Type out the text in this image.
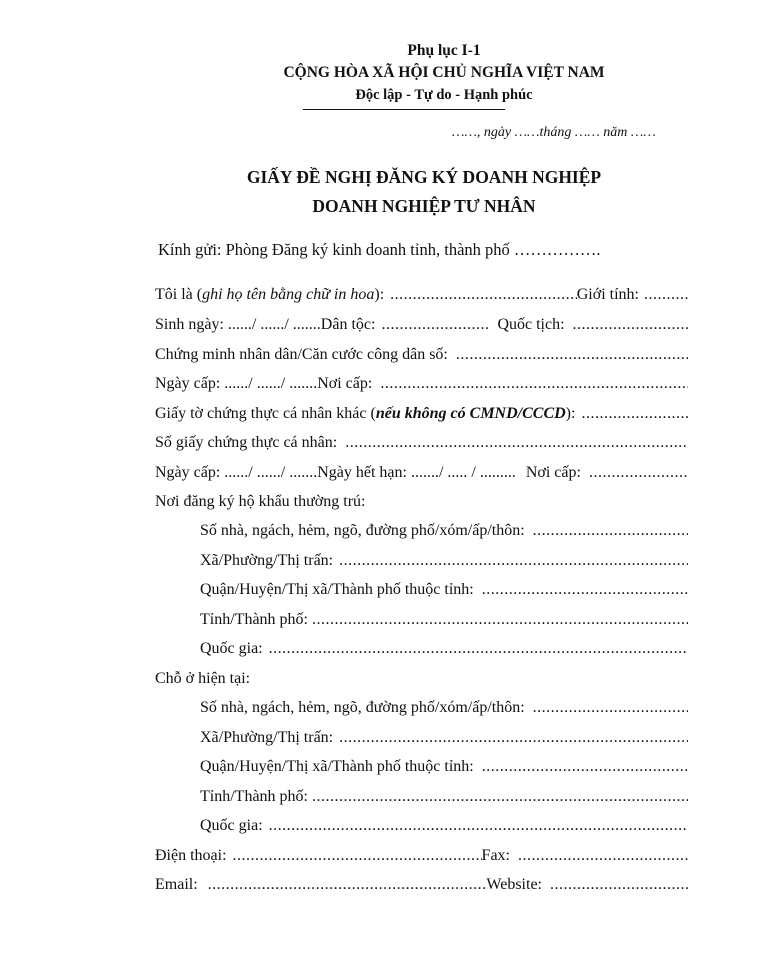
Phụ lục I-1
CỘNG HÒA XÃ HỘI CHỦ NGHĨA VIỆT NAM
Độc lập - Tự do - Hạnh phúc
……, ngày ……tháng …… năm ……
GIẤY ĐỀ NGHỊ ĐĂNG KÝ DOANH NGHIỆP
DOANH NGHIỆP TƯ NHÂN
Kính gửi: Phòng Đăng ký kinh doanh tỉnh, thành phố …………….
Tôi là ( ghi họ tên bằng chữ in hoa ): .....	Giới tính:
.....
Sinh ngày: ....../ ....../ ....... Dân tộc: .....	Quốc tịch:
.....
Chứng minh nhân dân/Căn cước công dân số:
.....
Ngày cấp: ....../ ....../ ....... Nơi cấp:
.....
Giấy tờ chứng thực cá nhân khác ( nếu không có CMND/CCCD ):
.....
Số giấy chứng thực cá nhân:
.....
Ngày cấp: ....../ ....../ ....... Ngày hết hạn: ......./ ..... / ......... Nơi cấp:
.....
Nơi đăng ký hộ khẩu thường trú:
Số nhà, ngách, hẻm, ngõ, đường phố/xóm/ấp/thôn:
.....
Xã/Phường/Thị trấn:
.....
Quận/Huyện/Thị xã/Thành phố thuộc tỉnh:
.....
Tỉnh/Thành phố:
.....
Quốc gia:
.....
Chỗ ở hiện tại:
Số nhà, ngách, hẻm, ngõ, đường phố/xóm/ấp/thôn:
.....
Xã/Phường/Thị trấn:
.....
Quận/Huyện/Thị xã/Thành phố thuộc tỉnh:
.....
Tỉnh/Thành phố:
.....
Quốc gia:
.....
Điện thoại: .....	Fax:
.....
Email: .....	Website:
.....
